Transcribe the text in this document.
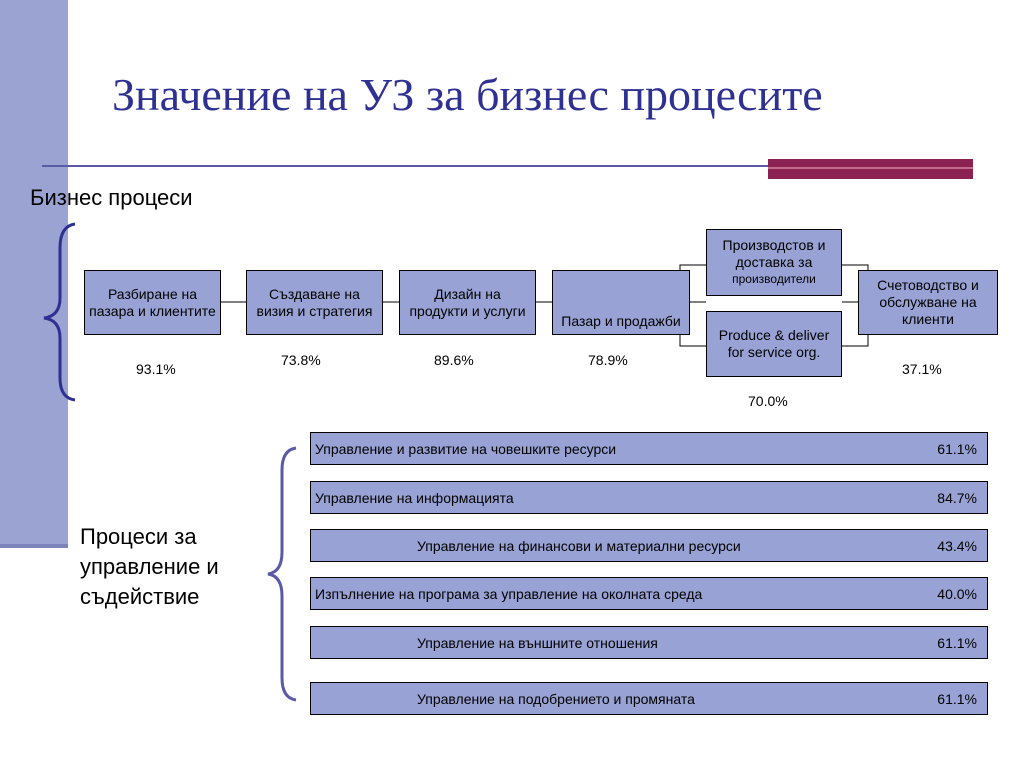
Значение на УЗ за бизнес процесите
Бизнес процеси
Разбиране на пазара и клиентите
Създаване на визия и стратегия
Дизайн на продукти и услуги
Пазар и продажби
Производстов и доставка за
производители
Produce & deliver for service org.
Счетоводство и обслужване на клиенти
93.1%
73.8%	89.6%	78.9%
70.0%
37.1%
Процеси за управление и съдействие
Управление и развитие на човешките ресурси	61.1%
Управление на информацията	84.7%
Управление на финансови и материални ресурси	43.4%
Изпълнение на програма за управление на околната среда	40.0%
Управление на външните отношения	61.1%
Управление на подобрението и промяната	61.1%
